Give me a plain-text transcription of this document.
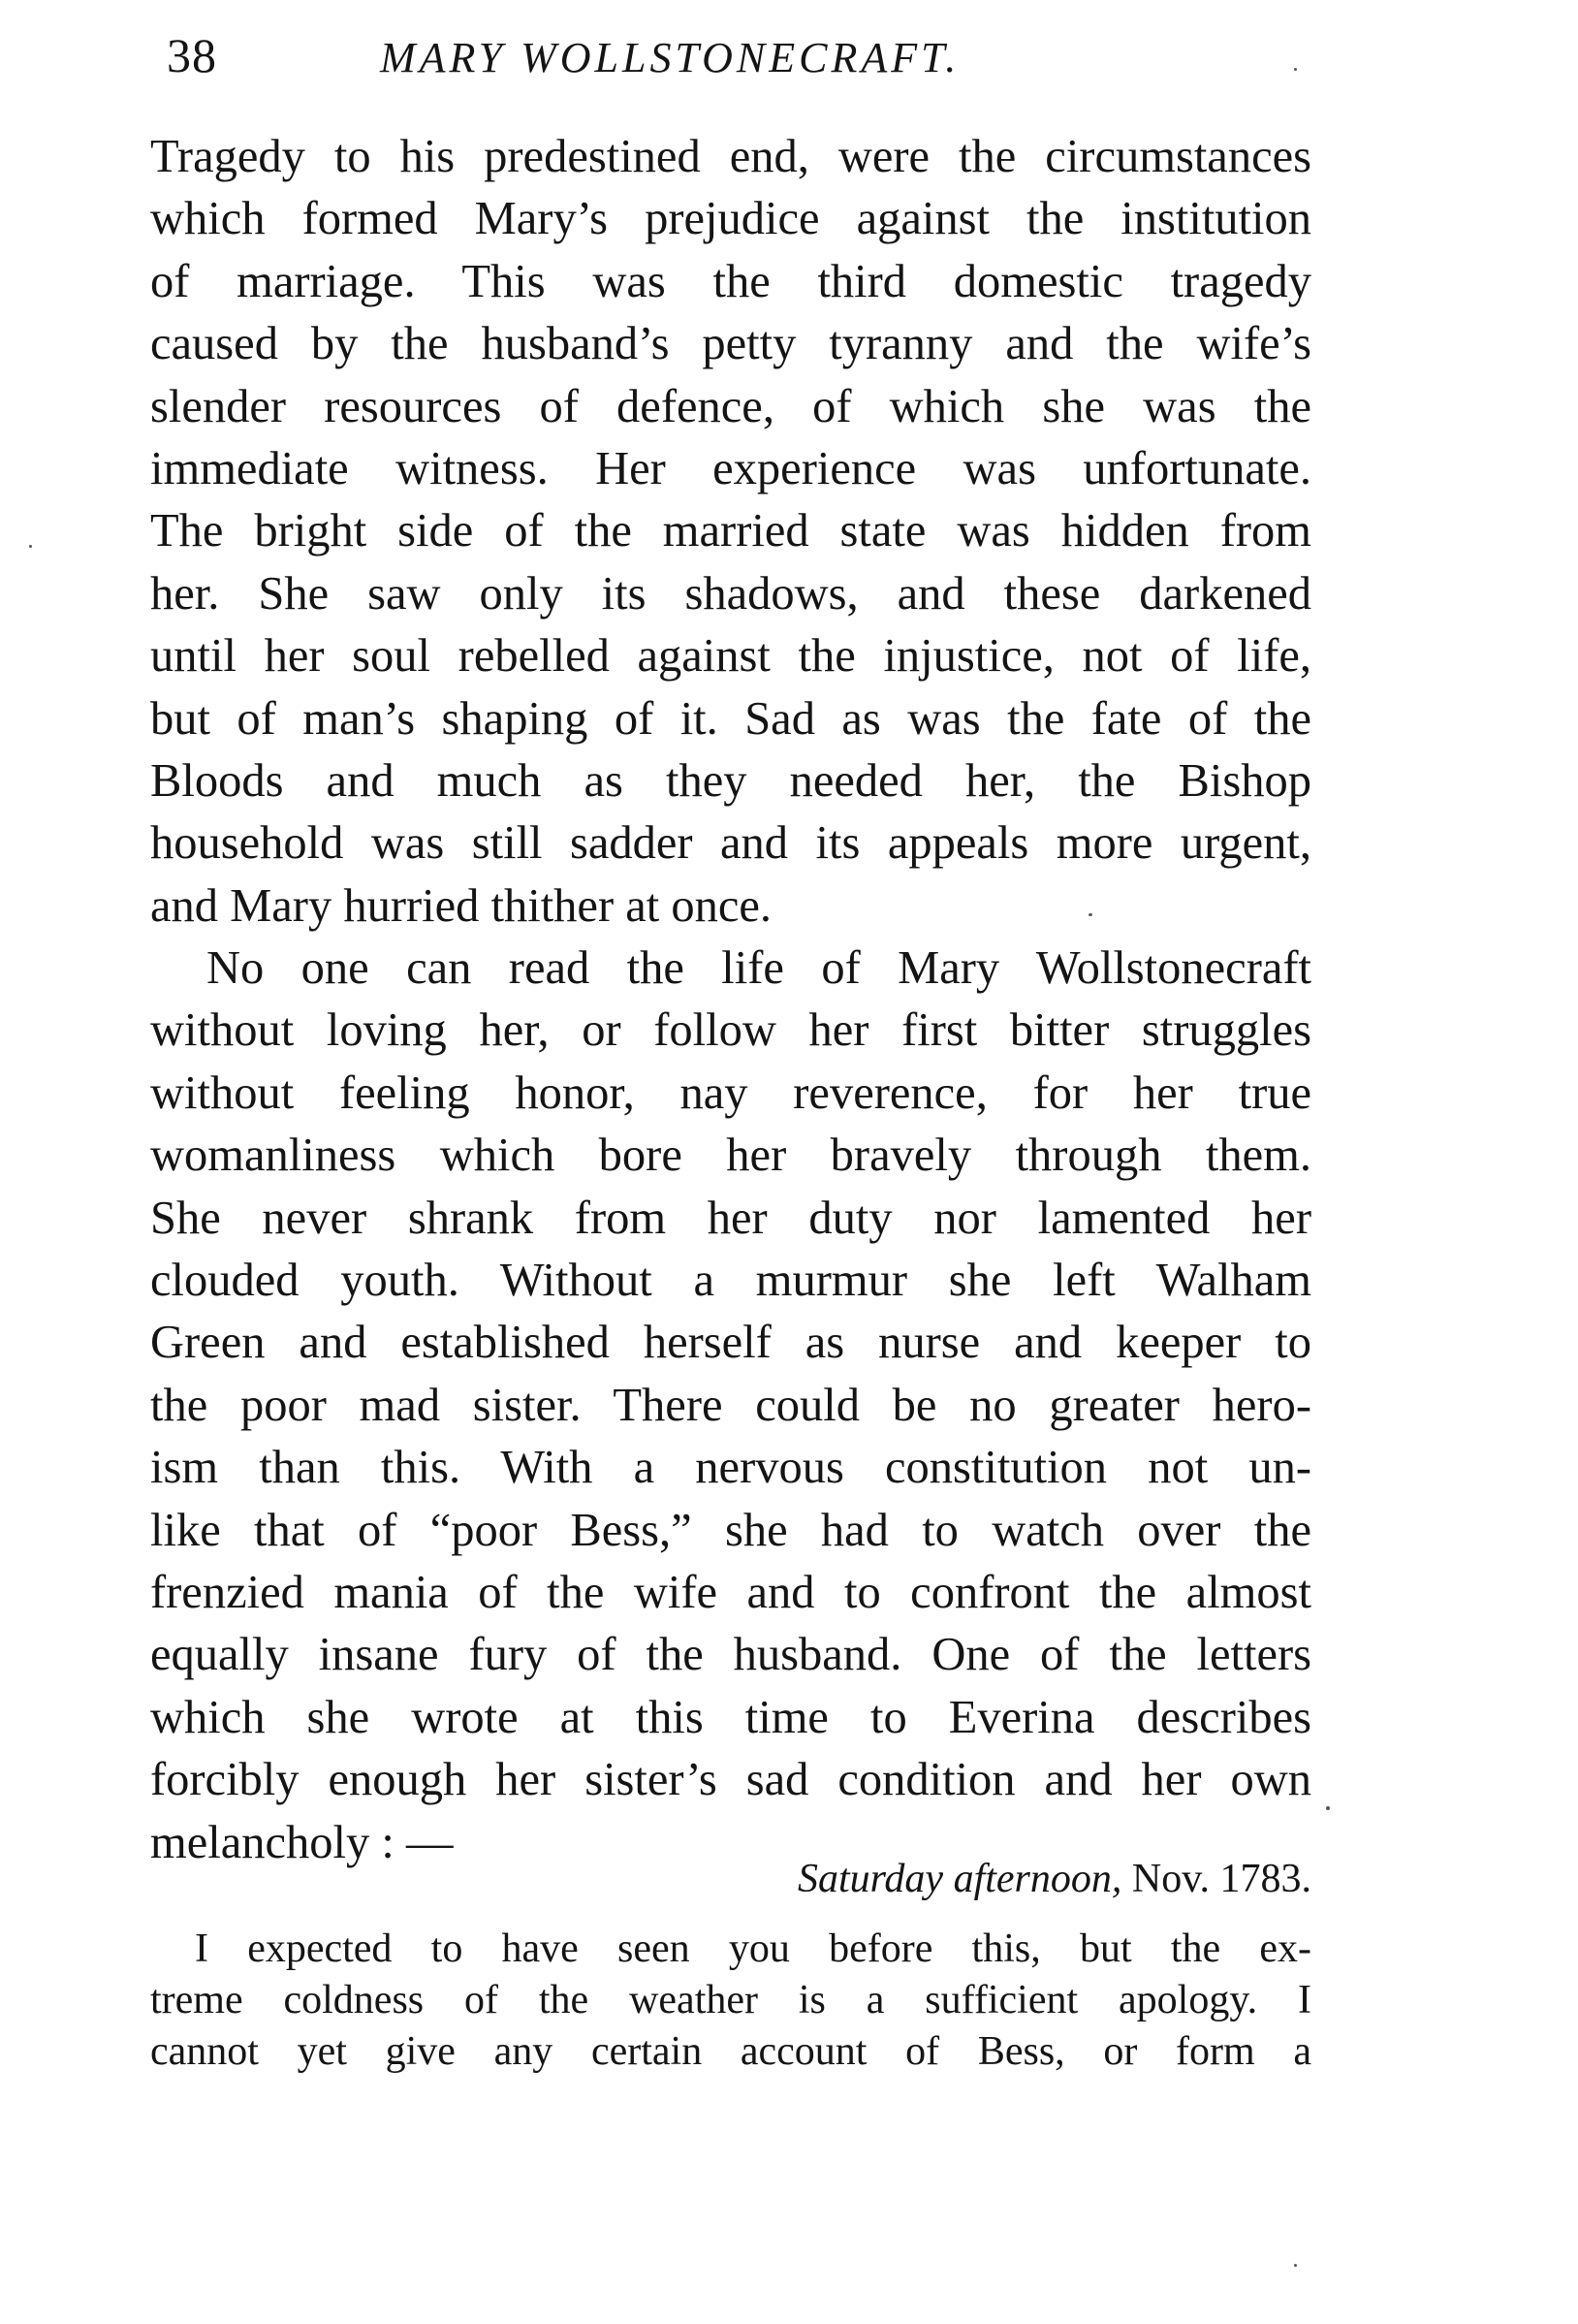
38	MARY WOLLSTONECRAFT.
Tragedy to his predestined end, were the circumstances
which formed Mary’s prejudice against the institution
of marriage. This was the third domestic tragedy
caused by the husband’s petty tyranny and the wife’s
slender resources of defence, of which she was the
immediate witness. Her experience was unfortunate.
The bright side of the married state was hidden from
her. She saw only its shadows, and these darkened
until her soul rebelled against the injustice, not of life,
but of man’s shaping of it. Sad as was the fate of the
Bloods and much as they needed her, the Bishop
household was still sadder and its appeals more urgent,
and Mary hurried thither at once.
No one can read the life of Mary Wollstonecraft
without loving her, or follow her first bitter struggles
without feeling honor, nay reverence, for her true
womanliness which bore her bravely through them.
She never shrank from her duty nor lamented her
clouded youth. Without a murmur she left Walham
Green and established herself as nurse and keeper to
the poor mad sister. There could be no greater hero-
ism than this. With a nervous constitution not un-
like that of “poor Bess,” she had to watch over the
frenzied mania of the wife and to confront the almost
equally insane fury of the husband. One of the letters
which she wrote at this time to Everina describes
forcibly enough her sister’s sad condition and her own
melancholy : —
Saturday afternoon, Nov. 1783.
I expected to have seen you before this, but the ex-
treme coldness of the weather is a sufficient apology. I
cannot yet give any certain account of Bess, or form a
